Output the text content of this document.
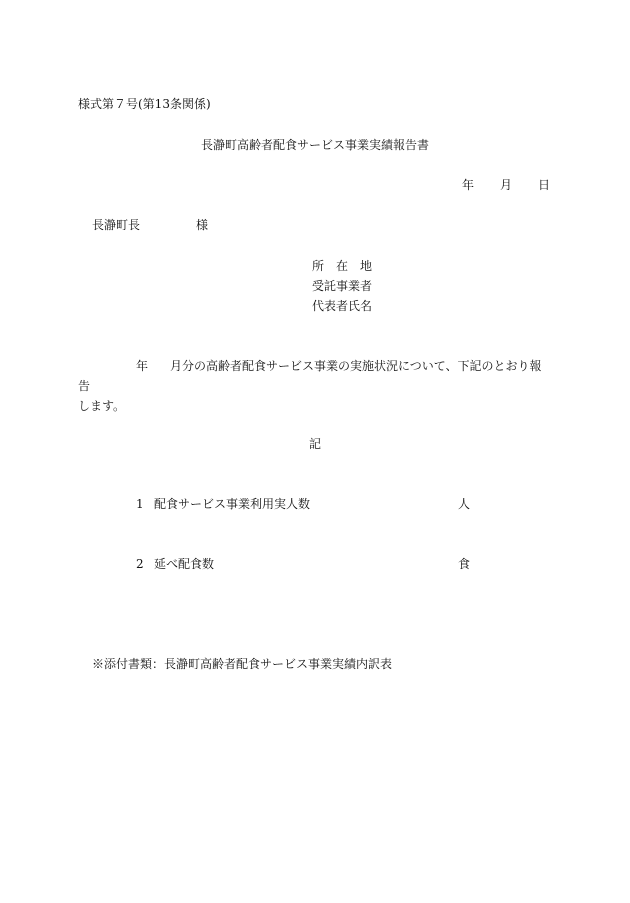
様式第７号(第13条関係)
長瀞町高齢者配食サービス事業実績報告書
年 月 日
長瀞町長	様
所　在　地
受託事業者
代表者氏名
年 月分の高齢者配食サービス事業の実施状況について、下記のとおり報告
します。
記
1 配食サービス事業利用実人数	人
2 延べ配食数	食
※添付書類：長瀞町高齢者配食サービス事業実績内訳表
